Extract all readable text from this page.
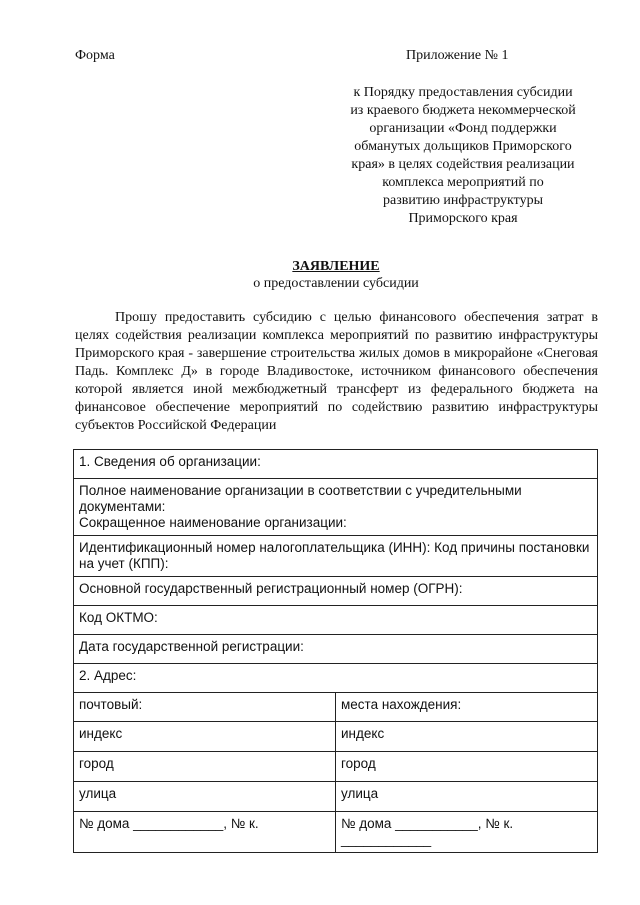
Форма	Приложение № 1
к Порядку предоставления субсидии
из краевого бюджета некоммерческой
организации «Фонд поддержки
обманутых дольщиков Приморского
края» в целях содействия реализации
комплекса мероприятий по
развитию инфраструктуры
Приморского края
ЗАЯВЛЕНИЕ
о предоставлении субсидии
Прошу предоставить субсидию с целью финансового обеспечения затрат в целях содействия реализации комплекса мероприятий по развитию инфраструктуры Приморского края - завершение строительства жилых домов в микрорайоне «Снеговая Падь. Комплекс Д» в городе Владивостоке, источником финансового обеспечения которой является иной межбюджетный трансферт из федерального бюджета на финансовое обеспечение мероприятий по содействию развитию инфраструктуры субъектов Российской Федерации
1. Сведения об организации:	

Полное наименование организации в соответствии с учредительными документами:
Сокращенное наименование организации:	

Идентификационный номер налогоплательщика (ИНН): Код причины постановки на учет (КПП):	
Основной государственный регистрационный номер (ОГРН):	
Код ОКТМО:	
Дата государственной регистрации:	
2. Адрес:	
почтовый:	места нахождения:
индекс	индекс
город	город
улица	улица
№ дома ____________, № к.	№ дома ___________, № к. ____________
